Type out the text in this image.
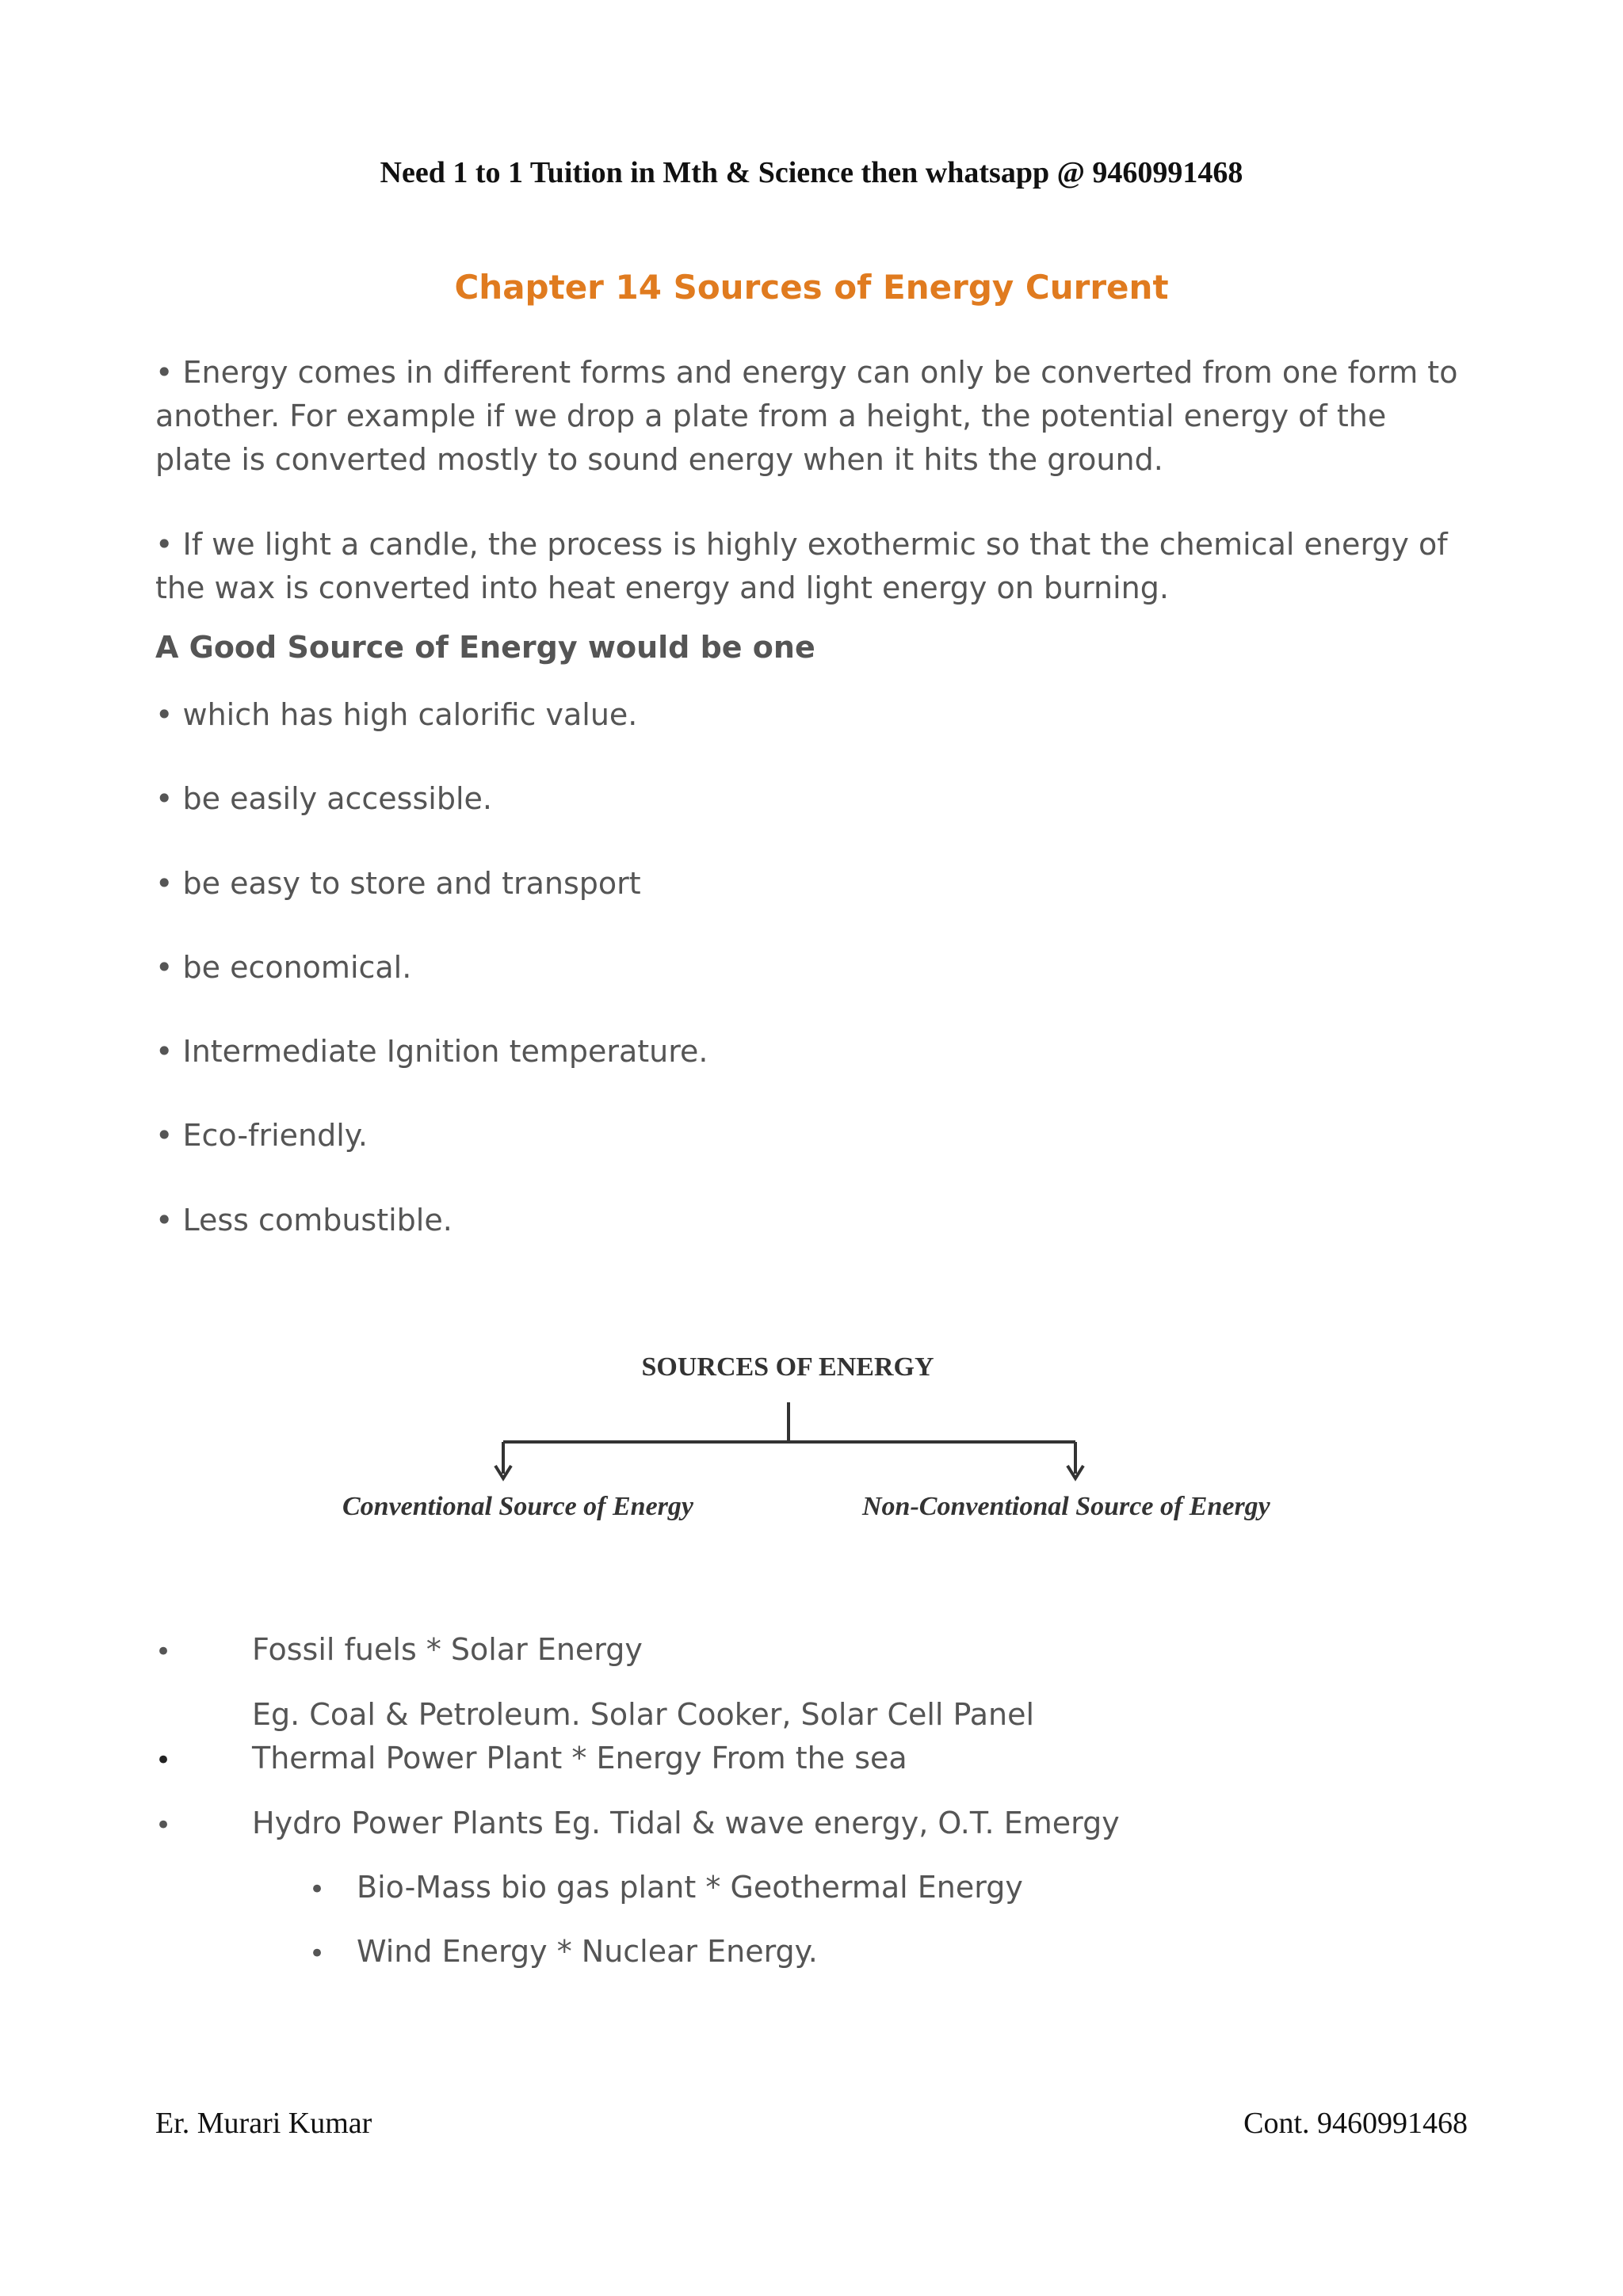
Need 1 to 1 Tuition in Mth & Science then whatsapp @ 9460991468
Chapter 14 Sources of Energy Current

• Energy comes in different forms and energy can only be converted from one form to another. For example if we drop a plate from a height, the potential energy of the plate is converted mostly to sound energy when it hits the ground.

• If we light a candle, the process is highly exothermic so that the chemical energy of the wax is converted into heat energy and light energy on burning.

A Good Source of Energy would be one

• which has high calorific value.

• be easily accessible.

• be easy to store and transport

• be economical.

• Intermediate Ignition temperature.

• Eco-friendly.

• Less combustible.

SOURCES OF ENERGY
Conventional Source of Energy	Non-Conventional Source of Energy
•	Fossil fuels * Solar Energy

Eg. Coal & Petroleum. Solar Cooker, Solar Cell Panel

•	Thermal Power Plant * Energy From the sea

•	Hydro Power Plants Eg. Tidal & wave energy, O.T. Emergy

• Bio-Mass bio gas plant * Geothermal Energy

• Wind Energy * Nuclear Energy.

Er. Murari Kumar	Cont. 9460991468
